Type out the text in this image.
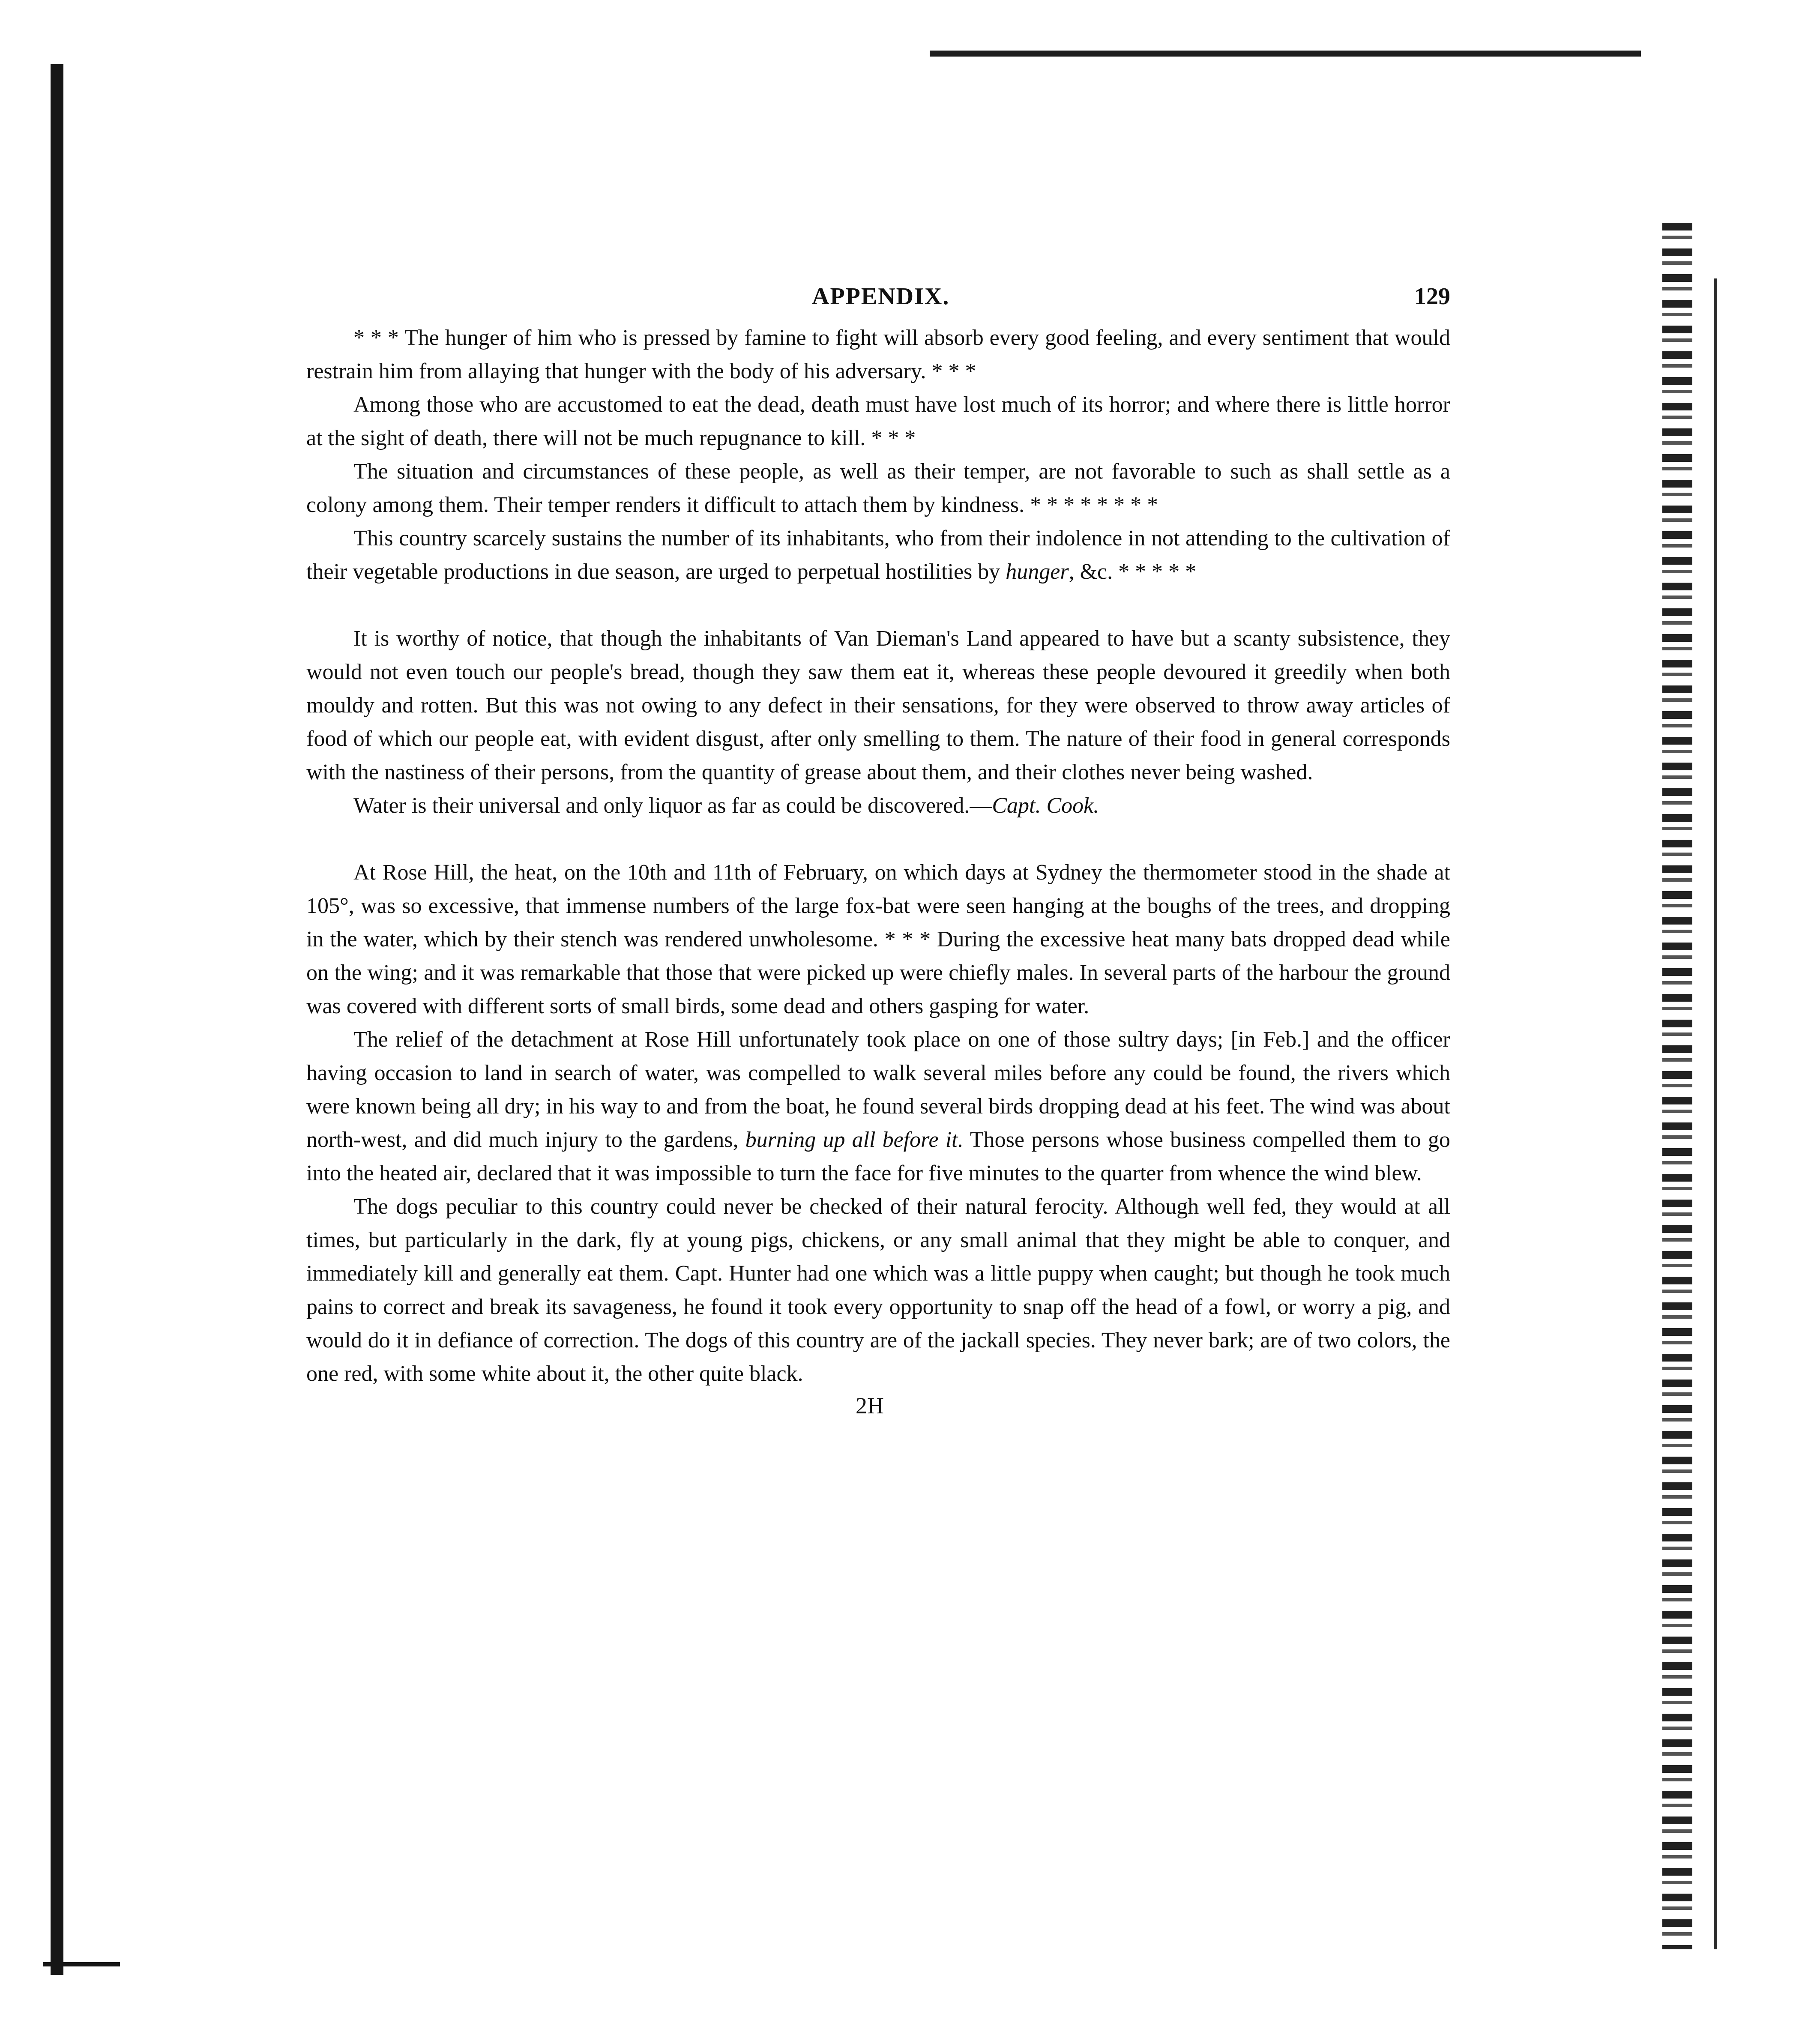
APPENDIX.	129

* * * The hunger of him who is pressed by famine to fight will absorb every good feeling, and every sentiment that would restrain him from allaying that hunger with the body of his adversary. * * *

Among those who are accustomed to eat the dead, death must have lost much of its horror; and where there is little horror at the sight of death, there will not be much repugnance to kill. * * *

The situation and circumstances of these people, as well as their temper, are not favorable to such as shall settle as a colony among them. Their temper renders it difficult to attach them by kindness. * * * * * * * *

This country scarcely sustains the number of its inhabitants, who from their indolence in not attending to the cultivation of their vegetable productions in due season, are urged to perpetual hostilities by hunger, &c. * * * * *

It is worthy of notice, that though the inhabitants of Van Dieman's Land appeared to have but a scanty subsistence, they would not even touch our people's bread, though they saw them eat it, whereas these people devoured it greedily when both mouldy and rotten. But this was not owing to any defect in their sensations, for they were observed to throw away articles of food of which our people eat, with evident disgust, after only smelling to them. The nature of their food in general corresponds with the nastiness of their persons, from the quantity of grease about them, and their clothes never being washed.

Water is their universal and only liquor as far as could be discovered.—Capt. Cook.

At Rose Hill, the heat, on the 10th and 11th of February, on which days at Sydney the thermometer stood in the shade at 105°, was so excessive, that immense numbers of the large fox-bat were seen hanging at the boughs of the trees, and dropping in the water, which by their stench was rendered unwholesome. * * * During the excessive heat many bats dropped dead while on the wing; and it was remarkable that those that were picked up were chiefly males. In several parts of the harbour the ground was covered with different sorts of small birds, some dead and others gasping for water.

The relief of the detachment at Rose Hill unfortunately took place on one of those sultry days; [in Feb.] and the officer having occasion to land in search of water, was compelled to walk several miles before any could be found, the rivers which were known being all dry; in his way to and from the boat, he found several birds dropping dead at his feet. The wind was about north-west, and did much injury to the gardens, burning up all before it. Those persons whose business compelled them to go into the heated air, declared that it was impossible to turn the face for five minutes to the quarter from whence the wind blew.

The dogs peculiar to this country could never be checked of their natural ferocity. Although well fed, they would at all times, but particularly in the dark, fly at young pigs, chickens, or any small animal that they might be able to conquer, and immediately kill and generally eat them. Capt. Hunter had one which was a little puppy when caught; but though he took much pains to correct and break its savageness, he found it took every opportunity to snap off the head of a fowl, or worry a pig, and would do it in defiance of correction. The dogs of this country are of the jackall species. They never bark; are of two colors, the one red, with some white about it, the other quite black.

2H
